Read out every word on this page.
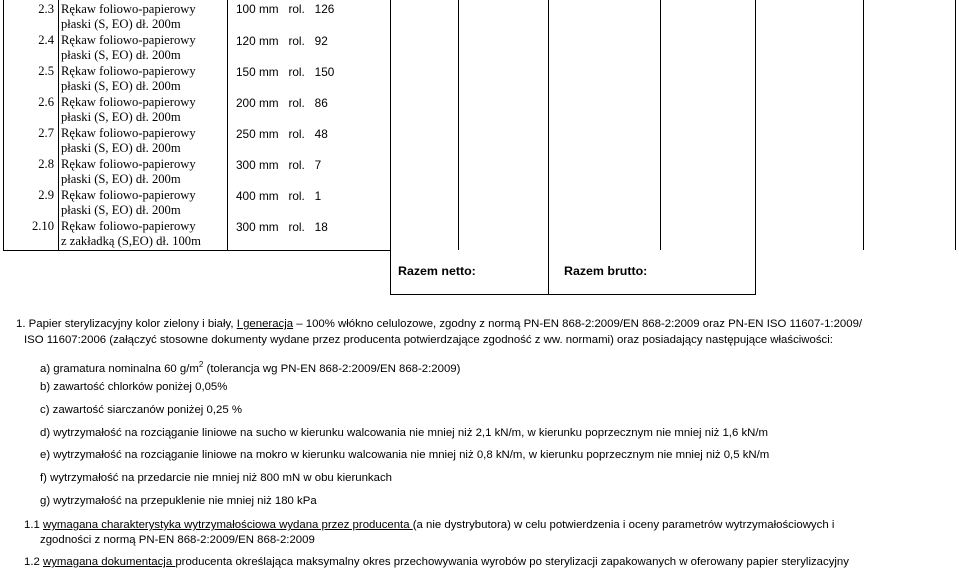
2.3 Rękaw foliowo-papierowy
płaski (S, EO) dł. 200m
100 mm   rol.   126
2.4 Rękaw foliowo-papierowy
płaski (S, EO) dł. 200m
120 mm   rol.   92
2.5 Rękaw foliowo-papierowy
płaski (S, EO) dł. 200m
150 mm   rol.   150
2.6 Rękaw foliowo-papierowy
płaski (S, EO) dł. 200m
200 mm   rol.   86
2.7 Rękaw foliowo-papierowy
płaski (S, EO) dł. 200m
250 mm   rol.   48
2.8 Rękaw foliowo-papierowy
płaski (S, EO) dł. 200m
300 mm   rol.   7
2.9 Rękaw foliowo-papierowy
płaski (S, EO) dł. 200m
400 mm   rol.   1
2.10 Rękaw foliowo-papierowy
z zakładką (S,EO) dł. 100m
300 mm   rol.   18
Razem netto:	Razem brutto:
1. Papier sterylizacyjny kolor zielony i biały, I generacja – 100% włókno celulozowe, zgodny z normą PN-EN 868-2:2009/EN 868-2:2009 oraz PN-EN ISO 11607-1:2009/
ISO 11607:2006 (załączyć stosowne dokumenty wydane przez producenta potwierdzające zgodność z ww. normami) oraz posiadający następujące właściwości:
a) gramatura nominalna 60 $g/m^2$ (tolerancja wg PN-EN 868-2:2009/EN 868-2:2009)
b) zawartość chlorków poniżej 0,05%
c) zawartość siarczanów poniżej 0,25 %
d) wytrzymałość na rozciąganie liniowe na sucho w kierunku walcowania nie mniej niż 2,1 kN/m, w kierunku poprzecznym nie mniej niż 1,6 kN/m
e) wytrzymałość na rozciąganie liniowe na mokro w kierunku walcowania nie mniej niż 0,8 kN/m, w kierunku poprzecznym nie mniej niż 0,5 kN/m
f) wytrzymałość na przedarcie nie mniej niż 800 mN w obu kierunkach
g) wytrzymałość na przepuklenie nie mniej niż 180 kPa
1.1 wymagana charakterystyka wytrzymałościowa wydana przez producenta (a nie dystrybutora) w celu potwierdzenia i oceny parametrów wytrzymałościowych i
zgodności z normą PN-EN 868-2:2009/EN 868-2:2009
1.2 wymagana dokumentacja producenta określająca maksymalny okres przechowywania wyrobów po sterylizacji zapakowanych w oferowany papier sterylizacyjny
